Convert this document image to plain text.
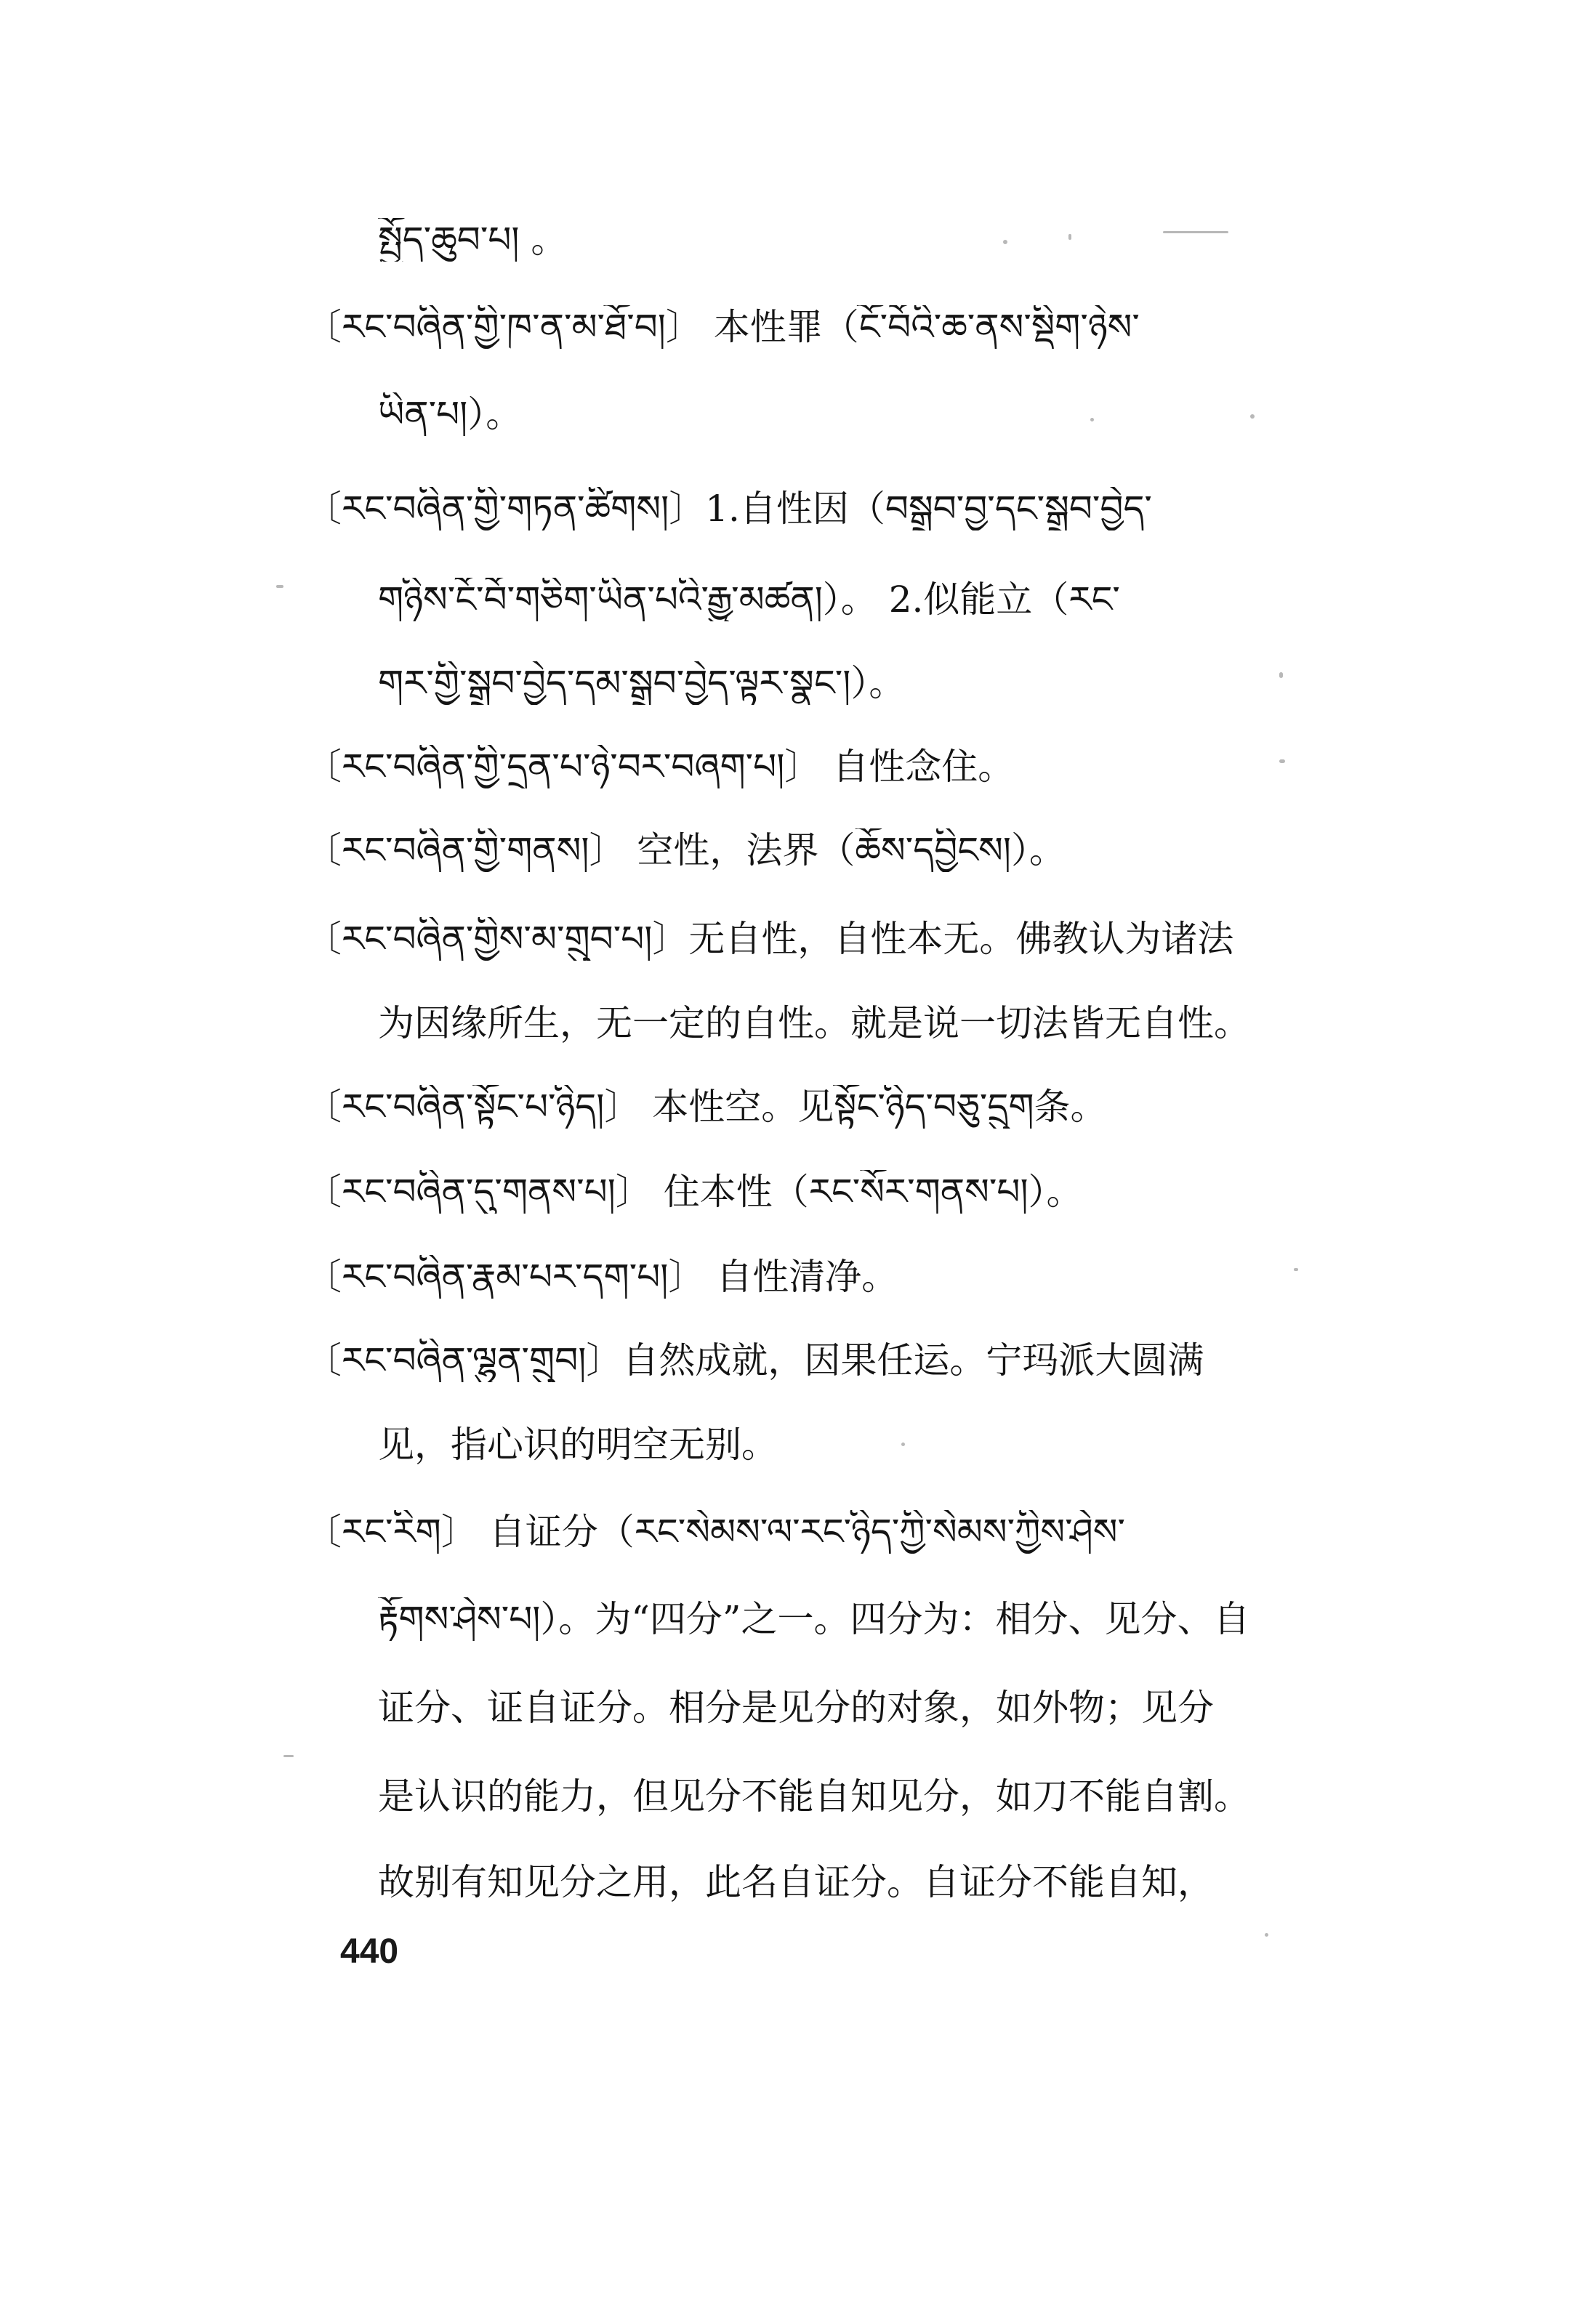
སྤྱོད་ཆུབ་པ། 。
〔རང་བཞིན་གྱི་ཁ་ན་མ་ཐོ་བ།〕 本性罪（ངོ་བོའི་ཆ་ནས་སྡིག་ཉེས་
ཡིན་པ།）。
〔རང་བཞིན་གྱི་གཏན་ཚིགས།〕1.自性因（བསྒྲུབ་བྱ་དང་སྒྲུབ་བྱེད་
གཉིས་ངོ་བོ་གཅིག་ཡིན་པའི་རྒྱུ་མཚན།）。 2.似能立（རང་
གར་གྱི་སྒྲུབ་བྱེད་དམ་སྒྲུབ་བྱེད་ལྟར་སྣང་།）。
〔རང་བཞིན་གྱི་དྲན་པ་ཉེ་བར་བཞག་པ།〕 自性念住。
〔རང་བཞིན་གྱི་གནས།〕 空性，法界（ཆོས་དབྱིངས།）。
〔རང་བཞིན་གྱིས་མ་གྲུབ་པ།〕无自性，自性本无。佛教认为诸法
为因缘所生，无一定的自性。就是说一切法皆无自性。
〔རང་བཞིན་སྟོང་པ་ཉིད།〕 本性空。见སྟོང་ཉིད་བཅུ་དྲུག条。
〔རང་བཞིན་དུ་གནས་པ།〕 住本性（རང་སོར་གནས་པ།）。
〔རང་བཞིན་རྣམ་པར་དག་པ།〕 自性清净。
〔རང་བཞིན་ལྷུན་གྲུབ།〕自然成就，因果任运。宁玛派大圆满
见，指心识的明空无别。
〔རང་རིག〕 自证分（རང་སེམས་ལ་རང་ཉིད་ཀྱི་སེམས་ཀྱིས་ཤེས་
རྟོགས་ཤེས་པ།）。为“四分”之一。四分为：相分、见分、自
证分、证自证分。相分是见分的对象，如外物；见分
是认识的能力，但见分不能自知见分，如刀不能自割。
故别有知见分之用，此名自证分。自证分不能自知，
440
